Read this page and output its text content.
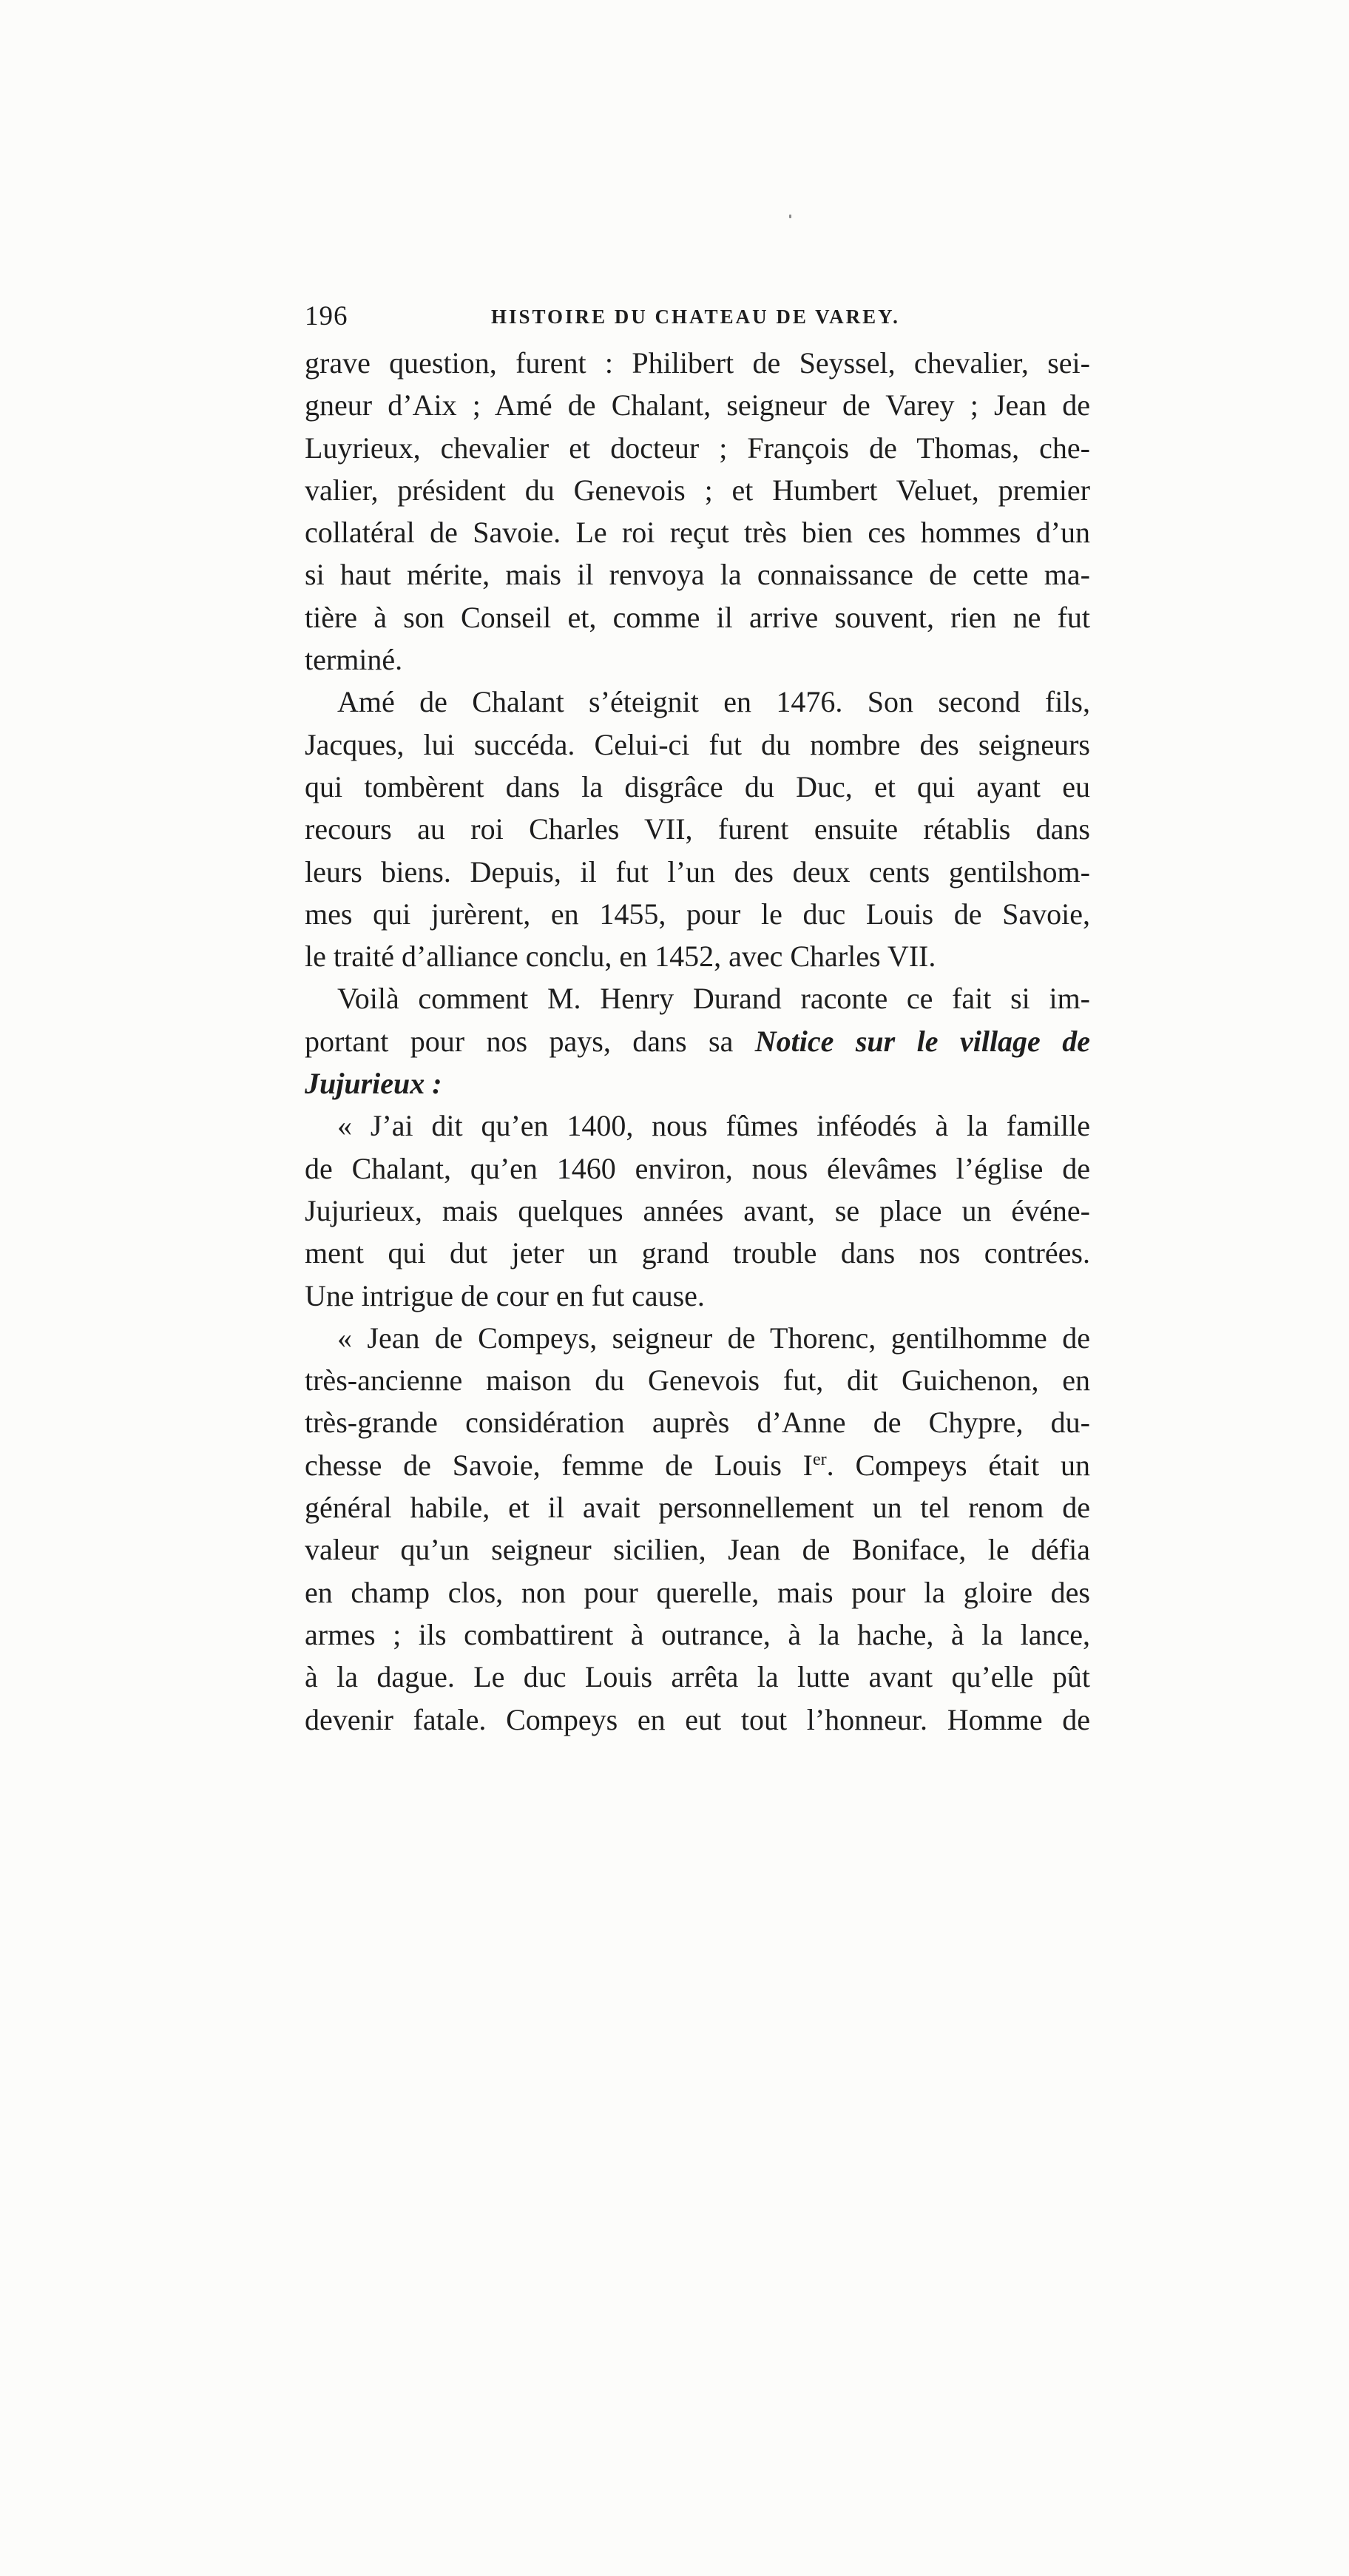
196	HISTOIRE DU CHATEAU DE VAREY.
grave question, furent : Philibert de Seyssel, chevalier, sei-
gneur d’Aix ; Amé de Chalant, seigneur de Varey ; Jean de
Luyrieux, chevalier et docteur ; François de Thomas, che-
valier, président du Genevois ; et Humbert Veluet, premier
collatéral de Savoie. Le roi reçut très bien ces hommes d’un
si haut mérite, mais il renvoya la connaissance de cette ma-
tière à son Conseil et, comme il arrive souvent, rien ne fut
terminé.
Amé de Chalant s’éteignit en 1476. Son second fils,
Jacques, lui succéda. Celui-ci fut du nombre des seigneurs
qui tombèrent dans la disgrâce du Duc, et qui ayant eu
recours au roi Charles VII, furent ensuite rétablis dans
leurs biens. Depuis, il fut l’un des deux cents gentilshom-
mes qui jurèrent, en 1455, pour le duc Louis de Savoie,
le traité d’alliance conclu, en 1452, avec Charles VII.
Voilà comment M. Henry Durand raconte ce fait si im-
portant pour nos pays, dans sa Notice sur le village de
Jujurieux :
« J’ai dit qu’en 1400, nous fûmes inféodés à la famille
de Chalant, qu’en 1460 environ, nous élevâmes l’église de
Jujurieux, mais quelques années avant, se place un événe-
ment qui dut jeter un grand trouble dans nos contrées.
Une intrigue de cour en fut cause.
« Jean de Compeys, seigneur de Thorenc, gentilhomme de
très-ancienne maison du Genevois fut, dit Guichenon, en
très-grande considération auprès d’Anne de Chypre, du-
chesse de Savoie, femme de Louis Ier. Compeys était un
général habile, et il avait personnellement un tel renom de
valeur qu’un seigneur sicilien, Jean de Boniface, le défia
en champ clos, non pour querelle, mais pour la gloire des
armes ; ils combattirent à outrance, à la hache, à la lance,
à la dague. Le duc Louis arrêta la lutte avant qu’elle pût
devenir fatale. Compeys en eut tout l’honneur. Homme de
